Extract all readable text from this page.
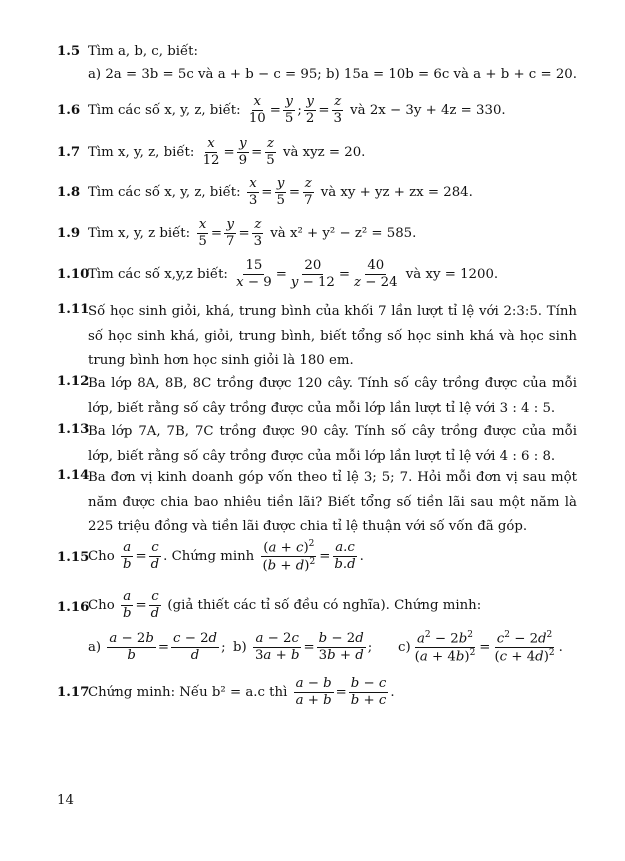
1.5 Tìm a, b, c, biết:
a) 2a = 3b = 5c và a + b − c = 95; b) 15a = 10b = 6c và a + b + c = 20.
1.6 Tìm các số x, y, z, biết:
$\frac{x}{10} = \frac{y}{5}$ ; $\frac{y}{2} = \frac{z}{3}$
và 2x − 3y + 4z = 330.
1.7 Tìm x, y, z, biết:
$\frac{x}{12} = \frac{y}{9} = \frac{z}{5}$
và xyz = 20.
1.8 Tìm các số x, y, z, biết:
$\frac{x}{3} = \frac{y}{5} = \frac{z}{7}$
và xy + yz + zx = 284.
1.9 Tìm x, y, z biết:
$\frac{x}{5} = \frac{y}{7} = \frac{z}{3}$
và x² + y² − z² = 585.
1.10
Tìm các số x,y,z biết:
$\frac{15}{x - 9} = \frac{20}{y - 12} = \frac{40}{z - 24}$
và xy = 1200.
1.11
Số học sinh giỏi, khá, trung bình của khối 7 lần lượt tỉ lệ với 2:3:5. Tính số học sinh khá, giỏi, trung bình, biết tổng số học sinh khá và học sinh trung bình hơn học sinh giỏi là 180 em.
1.12
Ba lớp 8A, 8B, 8C trồng được 120 cây. Tính số cây trồng được của mỗi lớp, biết rằng số cây trồng được của mỗi lớp lần lượt tỉ lệ với 3 : 4 : 5.
1.13
Ba lớp 7A, 7B, 7C trồng được 90 cây. Tính số cây trồng được của mỗi lớp, biết rằng số cây trồng được của mỗi lớp lần lượt tỉ lệ với 4 : 6 : 8.
1.14
Ba đơn vị kinh doanh góp vốn theo tỉ lệ 3; 5; 7. Hỏi mỗi đơn vị sau một năm được chia bao nhiêu tiền lãi? Biết tổng số tiền lãi sau một năm là 225 triệu đồng và tiền lãi được chia tỉ lệ thuận với số vốn đã góp.
1.15
Cho
$\frac{a}{b} = \frac{c}{d}$ . Chứng minh
$\frac{(a + c)^2}{(b + d)^2} = \frac{a.c}{b.d}$ .
1.16
Cho
$\frac{a}{b} = \frac{c}{d}$
(giả thiết các tỉ số đều có nghĩa). Chứng minh:
a)
$\frac{a - 2b}{b} = \frac{c - 2d}{d}$ ; b)
$\frac{a - 2c}{3a + b} = \frac{b - 2d}{3b + d}$ ;	$c) \frac{a^2 - 2b^2}{(a + 4b)^2} = \frac{c^2 - 2d^2}{(c + 4d)^2}$ .
1.17
Chứng minh: Nếu b² = a.c thì
$\frac{a - b}{a + b} = \frac{b - c}{b + c}$ .
14
